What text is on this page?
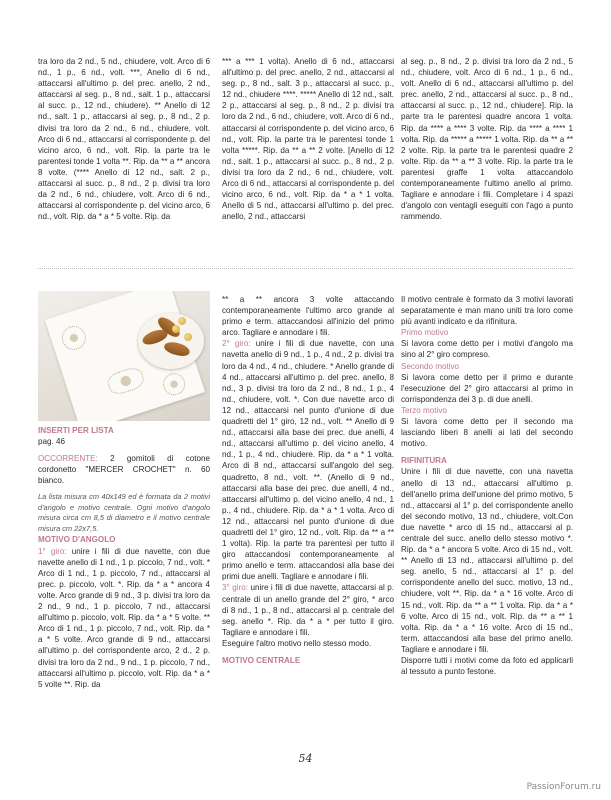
tra loro da 2 nd., 5 nd., chiudere, volt. Arco di 6 nd., 1 p., 6 nd., volt. ***, Anello di 6 nd., attaccarsi all'ultimo p. del prec. anello, 2 nd., attaccarsi al seg. p., 8 nd., salt. 1 p., attaccarsi al succ. p., 12 nd., chiudere). ** Anello di 12 nd., salt. 1 p., attaccarsi al seg. p., 8 nd., 2 p. divisi tra loro da 2 nd., 6 nd., chiudere, volt. Arco di 6 nd., attaccarsi al corrispondente p. del vicino arco, 6 nd., volt. Rip. la parte tra le parentesi tonde 1 volta **. Rip. da ** a ** ancora 8 volte. (**** Anello di 12 nd., salt. 2 p., attaccarsi al succ. p., 8 nd., 2 p. divisi tra loro da 2 nd., 6 nd., chiudere, volt. Arco di 6 nd., attaccarsi al corrispondente p. del vicino arco, 6 nd., volt. Rip. da * a * 5 volte. Rip. da

*** a *** 1 volta). Anello di 6 nd., attaccarsi all'ultimo p. del prec. anello, 2 nd., attaccarsi al seg. p., 8 nd., salt. 3 p., attaccarsi al succ. p., 12 nd., chiudere ****. ***** Anello di 12 nd., salt. 2 p., attaccarsi al seg. p., 8 nd., 2 p. divisi tra loro da 2 nd., 6 nd., chiudere, volt. Arco di 6 nd., attaccarsi al corrispondente p. del vicino arco, 6 nd., volt. Rip. la parte tra le parentesi tonde 1 volta *****. Rip. da ** a ** 2 volte. [Anello di 12 nd., salt. 1 p., attaccarsi al succ. p., 8 nd., 2 p. divisi tra loro da 2 nd., 6 nd., chiudere, volt. Arco di 6 nd., attaccarsi al corrispondente p. del vicino arco, 6 nd., volt. Rip. da * a * 1 volta. Anello di 5 nd., attaccarsi all'ultimo p. del prec. anello, 2 nd., attaccarsi

al seg. p., 8 nd., 2 p. divisi tra loro da 2 nd., 5 nd., chiudere, volt. Arco di 6 nd., 1 p., 6 nd., volt. Anello di 6 nd., attaccarsi all'ultimo p. del prec. anello, 2 nd., attaccarsi al succ. p., 8 nd., attaccarsi al succ. p., 12 nd., chiudere]. Rip. la parte tra le parentesi quadre ancora 1 volta. Rip. da **** a **** 3 volte. Rip. da **** a **** 1 volta. Rip. da ***** a ***** 1 volta. Rip. da ** a ** 2 volte. Rip. la parte tra le parentesi quadre 2 volte. Rip. da ** a ** 3 volte. Rip. la parte tra le parentesi graffe 1 volta attaccandolo contemporaneamente l'ultimo anello al primo. Tagliare e annodare i fili. Completare i 4 spazi d'angolo con ventagli eseguiti con l'ago a punto rammendo.

INSERTI PER LISTA

pag. 46

OCCORRENTE: 2 gomitoli di cotone cordonetto "MERCER CROCHET" n. 60 bianco.

La lista misura cm 40x149 ed è formata da 2 motivi d'angolo e motivo centrale. Ogni motivo d'angolo misura circa cm 8,5 di diametro e il motivo centrale misura cm 22x7,5.

MOTIVO D'ANGOLO

1° giro: unire i fili di due navette, con due navette anello di 1 nd., 1 p. piccolo, 7 nd., volt. * Arco di 1 nd., 1 p. piccolo, 7 nd., attaccarsi al prec. p. piccolo, volt. *. Rip. da * a * ancora 4 volte. Arco grande di 9 nd., 3 p. divisi tra loro da 2 nd., 9 nd., 1 p. piccolo, 7 nd., attaccarsi all'ultimo p. piccolo, volt. Rip. da * a * 5 volte. ** Arco di 1 nd., 1 p. piccolo, 7 nd., volt. Rip. da * a * 5 volte. Arco grande di 9 nd., attaccarsi all'ultimo p. del corrispondente arco, 2 d., 2 p. divisi tra loro da 2 nd., 9 nd., 1 p. piccolo, 7 nd., attaccarsi all'ultimo p. piccolo, volt. Rip. da * a * 5 volte **. Rip. da

** a ** ancora 3 volte attaccando contemporaneamente l'ultimo arco grande al primo e term. attaccandosi all'inizio del primo arco. Tagliare e annodare i fili.

2° giro: unire i fili di due navette, con una navetta anello di 9 nd., 1 p., 4 nd., 2 p. divisi tra loro da 4 nd., 4 nd., chiudere. * Anello grande di 4 nd., attaccarsi all'ultimo p. del prec. anello, 8 nd., 3 p. divisi tra loro da 2 nd., 8 nd., 1 p., 4 nd., chiudere, volt. *. Con due navette arco di 12 nd., attaccarsi nel punto d'unione di due quadretti del 1° giro, 12 nd., volt. ** Anello di 9 nd., attaccarsi alla base dei prec. due anelli, 4 nd., attaccarsi all'ultimo p. del vicino anello, 4 nd., 1 p., 4 nd., chiudere. Rip. da * a * 1 volta. Arco di 8 nd., attaccarsi sull'angolo del seg. quadretto, 8 nd., volt. **. (Anello di 9 nd., attaccarsi alla base dei prec. due anelli, 4 nd., attaccarsi all'ultimo p. del vicino anello, 4 nd., 1 p., 4 nd., chiudere. Rip. da * a * 1 volta. Arco di 12 nd., attaccarsi nel punto d'unione di due quadretti del 1° giro, 12 nd., volt. Rip. da ** a ** 1 volta). Rip. la parte tra parentesi per tutto il giro attaccandosi contemporaneamente al primo anello e term. attaccandosi alla base dei primi due anelli. Tagliare e annodare i fili.

3° giro: unire i fili di due navette, attaccarsi al p. centrale di un anello grande del 2° giro, * arco di 8 nd., 1 p., 8 nd., attaccarsi al p. centrale del seg. anello *. Rip. da * a * per tutto il giro. Tagliare e annodare i fili.

Eseguire l'altro motivo nello stesso modo.

MOTIVO CENTRALE

Il motivo centrale è formato da 3 motivi lavorati separatamente e man mano uniti tra loro come più avanti indicato e da rifinitura.

Primo motivo

Si lavora come detto per i motivi d'angolo ma sino al 2° giro compreso.

Secondo motivo

Si lavora come detto per il primo e durante l'esecuzione del 2° giro attaccarsi al primo in corrispondenza dei 3 p. di due anelli.

Terzo motivo

Si lavora come detto per il secondo ma lasciando liberi 8 anelli ai lati del secondo motivo.

RIFINITURA

Unire i fili di due navette, con una navetta anello di 13 nd., attaccarsi all'ultimo p. dell'anello prima dell'unione del primo motivo, 5 nd., attaccarsi al 1° p. del corrispondente anello del secondo motivo, 13 nd., chiudere, volt.Con due navette * arco di 15 nd., attaccarsi al p. centrale del succ. anello dello stesso motivo *. Rip. da * a * ancora 5 volte. Arco di 15 nd., volt. ** Anello di 13 nd., attaccarsi all'ultimo p. del seg. anello, 5 nd., attaccarsi al 1° p. del corrispondente anello del succ. motivo, 13 nd., chiudere, volt **. Rip. da * a * 16 volte. Arco di 15 nd., volt. Rip. da ** a ** 1 volta. Rip. da * a * 6 volte. Arco di 15 nd., volt. Rip. da ** a ** 1 volta. Rip. da * a * 16 volte. Arco di 15 nd., term. attaccandosi alla base del primo anello. Tagliare e annodare i fili.

Disporre tutti i motivi come da foto ed applicarli al tessuto a punto festone.

54
PassionForum.ru
